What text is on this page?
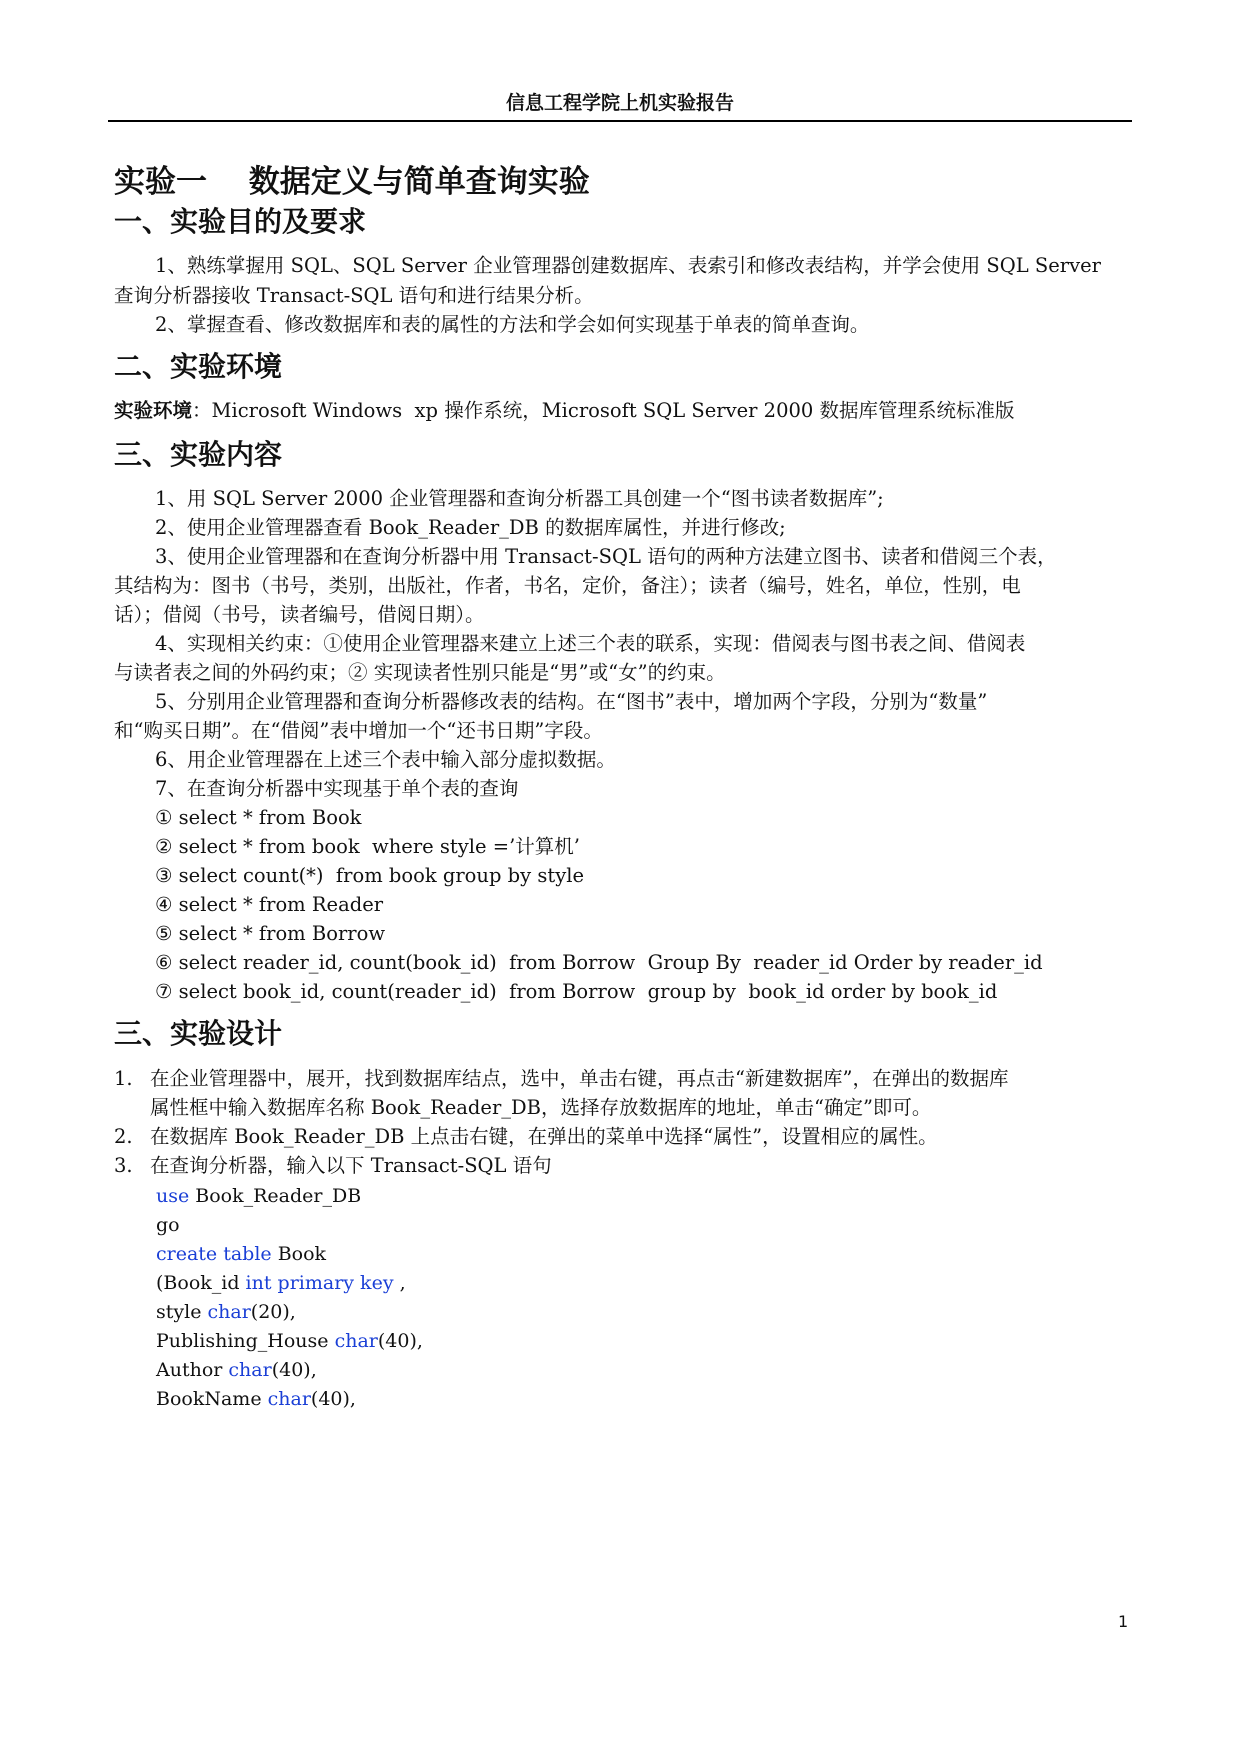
信息工程学院上机实验报告
实验一　 数据定义与简单查询实验
一、实验目的及要求

1、熟练掌握用 SQL、SQL Server 企业管理器创建数据库、表索引和修改表结构，并学会使用 SQL Server

查询分析器接收 Transact-SQL 语句和进行结果分析。

2、掌握查看、修改数据库和表的属性的方法和学会如何实现基于单表的简单查询。

二、实验环境

实验环境：Microsoft Windows  xp 操作系统，Microsoft SQL Server 2000 数据库管理系统标准版

三、实验内容

1、用 SQL Server 2000 企业管理器和查询分析器工具创建一个“图书读者数据库”;

2、使用企业管理器查看 Book_Reader_DB 的数据库属性，并进行修改;

3、使用企业管理器和在查询分析器中用 Transact-SQL 语句的两种方法建立图书、读者和借阅三个表，

其结构为：图书（书号，类别，出版社，作者，书名，定价，备注）；读者（编号，姓名，单位，性别，电

话）；借阅（书号，读者编号，借阅日期）。

4、实现相关约束：①使用企业管理器来建立上述三个表的联系，实现：借阅表与图书表之间、借阅表

与读者表之间的外码约束；② 实现读者性别只能是“男”或“女”的约束。

5、分别用企业管理器和查询分析器修改表的结构。在“图书”表中，增加两个字段，分别为“数量”

和“购买日期”。在“借阅”表中增加一个“还书日期”字段。

6、用企业管理器在上述三个表中输入部分虚拟数据。

7、在查询分析器中实现基于单个表的查询

① select * from Book

② select * from book  where style =’计算机’

③ select count(*)  from book group by style

④ select * from Reader

⑤ select * from Borrow

⑥ select reader_id, count(book_id)  from Borrow  Group By  reader_id Order by reader_id

⑦ select book_id, count(reader_id)  from Borrow  group by  book_id order by book_id

三、实验设计
1. 在企业管理器中，展开，找到数据库结点，选中，单击右键，再点击“新建数据库”，在弹出的数据库

属性框中输入数据库名称 Book_Reader_DB，选择存放数据库的地址，单击“确定”即可。

2. 在数据库 Book_Reader_DB 上点击右键，在弹出的菜单中选择“属性”，设置相应的属性。

3. 在查询分析器，输入以下 Transact-SQL 语句

use Book_Reader_DB

go

create table Book

(Book_id int primary key ,

style char(20),

Publishing_House char(40),

Author char(40),

BookName char(40),

1
